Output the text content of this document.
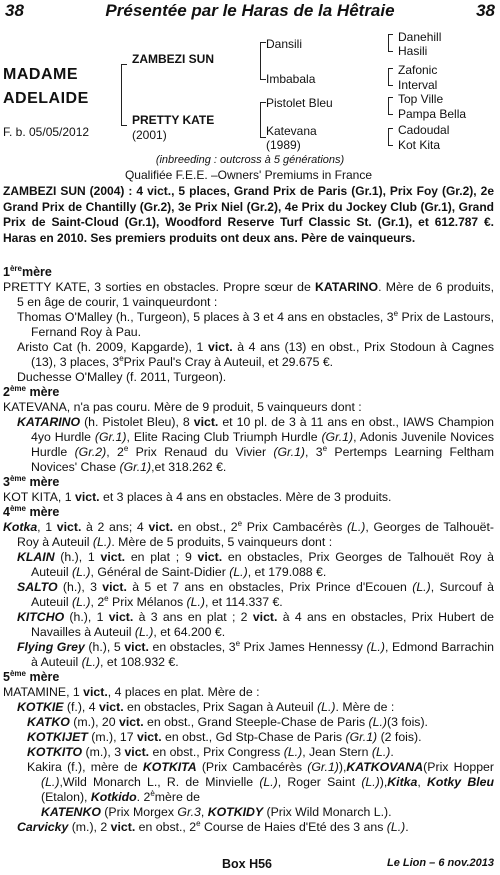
38	Présentée par le Haras de la Hêtraie	38
MADAME
ADELAIDE
F. b. 05/05/2012
ZAMBEZI SUN
PRETTY KATE
(2001)
Dansili
Imbabala
Pistolet Bleu
Katevana
(1989)
Danehill
Hasili
Zafonic
Interval
Top Ville
Pampa Bella
Cadoudal
Kot Kita
(inbreeding : outcross à 5 générations)
Qualifiée F.E.E. –Owners' Premiums in France
ZAMBEZI SUN (2004) : 4 vict., 5 places, Grand Prix de Paris (Gr.1), Prix Foy (Gr.2), 2e Grand Prix de Chantilly (Gr.2), 3e Prix Niel (Gr.2), 4e Prix du Jockey Club (Gr.1), Grand Prix de Saint-Cloud (Gr.1), Woodford Reserve Turf Classic St. (Gr.1), et 612.787 €. Haras en 2010. Ses premiers produits ont deux ans. Père de vainqueurs.

1èremère

PRETTY KATE, 3 sorties en obstacles. Propre sœur de KATARINO. Mère de 6 produits, 5 en âge de courir, 1 vainqueurdont :

Thomas O'Malley (h., Turgeon), 5 places à 3 et 4 ans en obstacles, 3e Prix de Lastours, Fernand Roy à Pau.

Aristo Cat (h. 2009, Kapgarde), 1 vict. à 4 ans (13) en obst., Prix Stodoun à Cagnes (13), 3 places, 3ePrix Paul's Cray à Auteuil, et 29.675 €.

Duchesse O'Malley (f. 2011, Turgeon).

2ème mère

KATEVANA, n'a pas couru. Mère de 9 produit, 5 vainqueurs dont :

KATARINO (h. Pistolet Bleu), 8 vict. et 10 pl. de 3 à 11 ans en obst., IAWS Champion 4yo Hurdle (Gr.1), Elite Racing Club Triumph Hurdle (Gr.1), Adonis Juvenile Novices Hurdle (Gr.2), 2e Prix Renaud du Vivier (Gr.1), 3e Pertemps Learning Feltham Novices' Chase (Gr.1),et 318.262 €.

3ème mère

KOT KITA, 1 vict. et 3 places à 4 ans en obstacles. Mère de 3 produits.

4ème mère

Kotka, 1 vict. à 2 ans; 4 vict. en obst., 2e Prix Cambacérès (L.), Georges de Talhouët-Roy à Auteuil (L.). Mère de 5 produits, 5 vainqueurs dont :

KLAIN (h.), 1 vict. en plat ; 9 vict. en obstacles, Prix Georges de Talhouët Roy à Auteuil (L.), Général de Saint-Didier (L.), et 179.088 €.

SALTO (h.), 3 vict. à 5 et 7 ans en obstacles, Prix Prince d'Ecouen (L.), Surcouf à Auteuil (L.), 2e Prix Mélanos (L.), et 114.337 €.

KITCHO (h.), 1 vict. à 3 ans en plat ; 2 vict. à 4 ans en obstacles, Prix Hubert de Navailles à Auteuil (L.), et 64.200 €.

Flying Grey (h.), 5 vict. en obstacles, 3e Prix James Hennessy (L.), Edmond Barrachin à Auteuil (L.), et 108.932 €.

5ème mère

MATAMINE, 1 vict., 4 places en plat. Mère de :

KOTKIE (f.), 4 vict. en obstacles, Prix Sagan à Auteuil (L.). Mère de :

KATKO (m.), 20 vict. en obst., Grand Steeple-Chase de Paris (L.)(3 fois).

KOTKIJET (m.), 17 vict. en obst., Gd Stp-Chase de Paris (Gr.1) (2 fois).

KOTKITO (m.), 3 vict. en obst., Prix Congress (L.), Jean Stern (L.).

Kakira (f.), mère de KOTKITA (Prix Cambacérès (Gr.1)),KATKOVANA(Prix Hopper (L.),Wild Monarch L., R. de Minvielle (L.), Roger Saint (L.)),Kitka, Kotky Bleu (Etalon), Kotkido. $2^èmère$ de
KATENKO (Prix Morgex Gr.3, KOTKIDY (Prix Wild Monarch L.).

Carvicky (m.), 2 vict. en obst., 2e Course de Haies d'Eté des 3 ans (L.).

Box H56	Le Lion – 6 nov.2013
